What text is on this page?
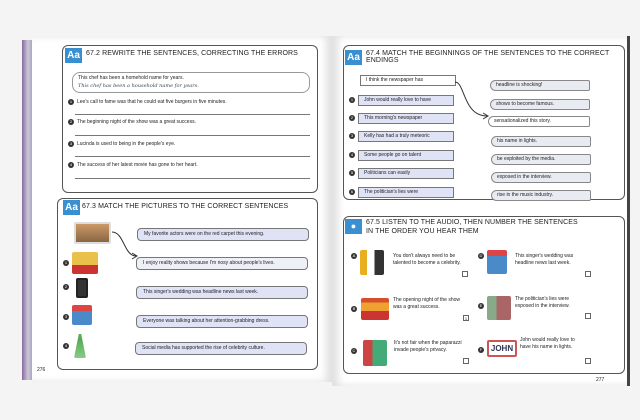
Aa 67.2 REWRITE THE SENTENCES, CORRECTING THE ERRORS
This chef has been a homehold name for years.
This chef has been a household name for years.
1 Lee's call to fame was that he could eat five burgers in five minutes.
2 The beginning night of the show was a great success.
3 Lucinda is used to being in the people's eye.
4 The success of her latest movie has gone to her heart.
Aa 67.3 MATCH THE PICTURES TO THE CORRECT SENTENCES
1
2
3
4
My favorite actors were on the red carpet this evening.
I enjoy reality shows because I'm nosy about people's lives.
This singer's wedding was headline news last week.
Everyone was talking about her attention-grabbing dress.
Social media has supported the rise of celebrity culture.
276
Aa 67.4 MATCH THE BEGINNINGS OF THE SENTENCES TO THE CORRECT ENDINGS
I think the newspaper has
John would really love to have
This morning's newspaper
Kelly has had a truly meteoric
Some people go on talent
Politicians can easily
The politician's lies were
1
2
3
4
5
6
headline is shocking!
shows to become famous.
sensationalized this story.
his name in lights.
be exploited by the media.
exposed in the interview.
rise in the music industry.
●	67.5 LISTEN TO THE AUDIO, THEN NUMBER THE SENTENCES
IN THE ORDER YOU HEAR THEM
A	You don't always need to be talented to become a celebrity.
B
The opening night of the show was a great success.
1
C
It's not fair when the paparazzi invade people's privacy.
D	This singer's wedding was headline news last week.
E
The politician's lies were exposed in the interview.
F	JOHN
John would really love to have his name in lights.
277
